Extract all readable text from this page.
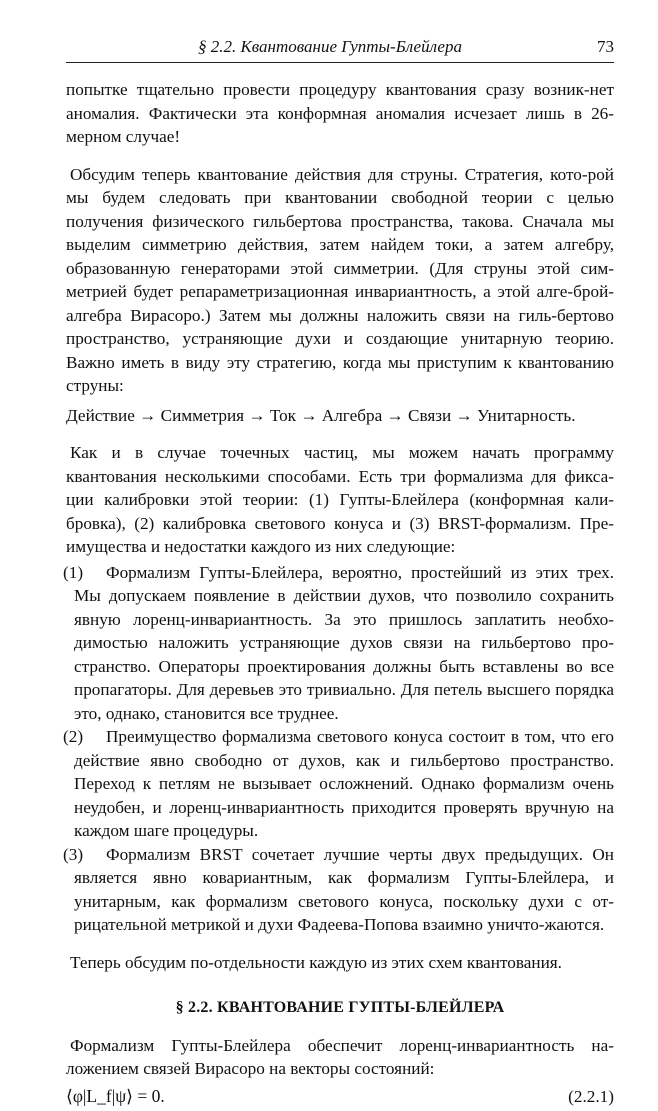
§ 2.2. Квантование Гупты-Блейлера	73

попытке тщательно провести процедуру квантования сразу возник-нет аномалия. Фактически эта конформная аномалия исчезает лишь в 26-мерном случае!

Обсудим теперь квантование действия для струны. Стратегия, кото-рой мы будем следовать при квантовании свободной теории с целью получения физического гильбертова пространства, такова. Сначала мы выделим симметрию действия, затем найдем токи, а затем алгебру, образованную генераторами этой симметрии. (Для струны этой сим-метрией будет репараметризационная инвариантность, а этой алге-брой-алгебра Вирасоро.) Затем мы должны наложить связи на гиль-бертово пространство, устраняющие духи и создающие унитарную теорию. Важно иметь в виду эту стратегию, когда мы приступим к квантованию струны:

Действие → Симметрия → Ток → Алгебра → Связи → Унитарность.

Как и в случае точечных частиц, мы можем начать программу квантования несколькими способами. Есть три формализма для фикса-ции калибровки этой теории: (1) Гупты-Блейлера (конформная кали-бровка), (2) калибровка светового конуса и (3) BRST-формализм. Пре-имущества и недостатки каждого из них следующие:

(1)	Формализм Гупты-Блейлера, вероятно, простейший из этих трех. Мы допускаем появление в действии духов, что позволило сохранить явную лоренц-инвариантность. За это пришлось заплатить необхо-димостью наложить устраняющие духов связи на гильбертово про-странство. Операторы проектирования должны быть вставлены во все пропагаторы. Для деревьев это тривиально. Для петель высшего порядка это, однако, становится все труднее.
(2)	Преимущество формализма светового конуса состоит в том, что его действие явно свободно от духов, как и гильбертово пространство. Переход к петлям не вызывает осложнений. Однако формализм очень неудобен, и лоренц-инвариантность приходится проверять вручную на каждом шаге процедуры.
(3)	Формализм BRST сочетает лучшие черты двух предыдущих. Он является явно ковариантным, как формализм Гупты-Блейлера, и унитарным, как формализм светового конуса, поскольку духи с от-рицательной метрикой и духи Фадеева-Попова взаимно уничто-жаются.

Теперь обсудим по-отдельности каждую из этих схем квантования.

§ 2.2. КВАНТОВАНИЕ ГУПТЫ-БЛЕЙЛЕРА

Формализм Гупты-Блейлера обеспечит лоренц-инвариантность на-ложением связей Вирасоро на векторы состояний:

⟨φ|L_f|ψ⟩ = 0.	(2.2.1)
